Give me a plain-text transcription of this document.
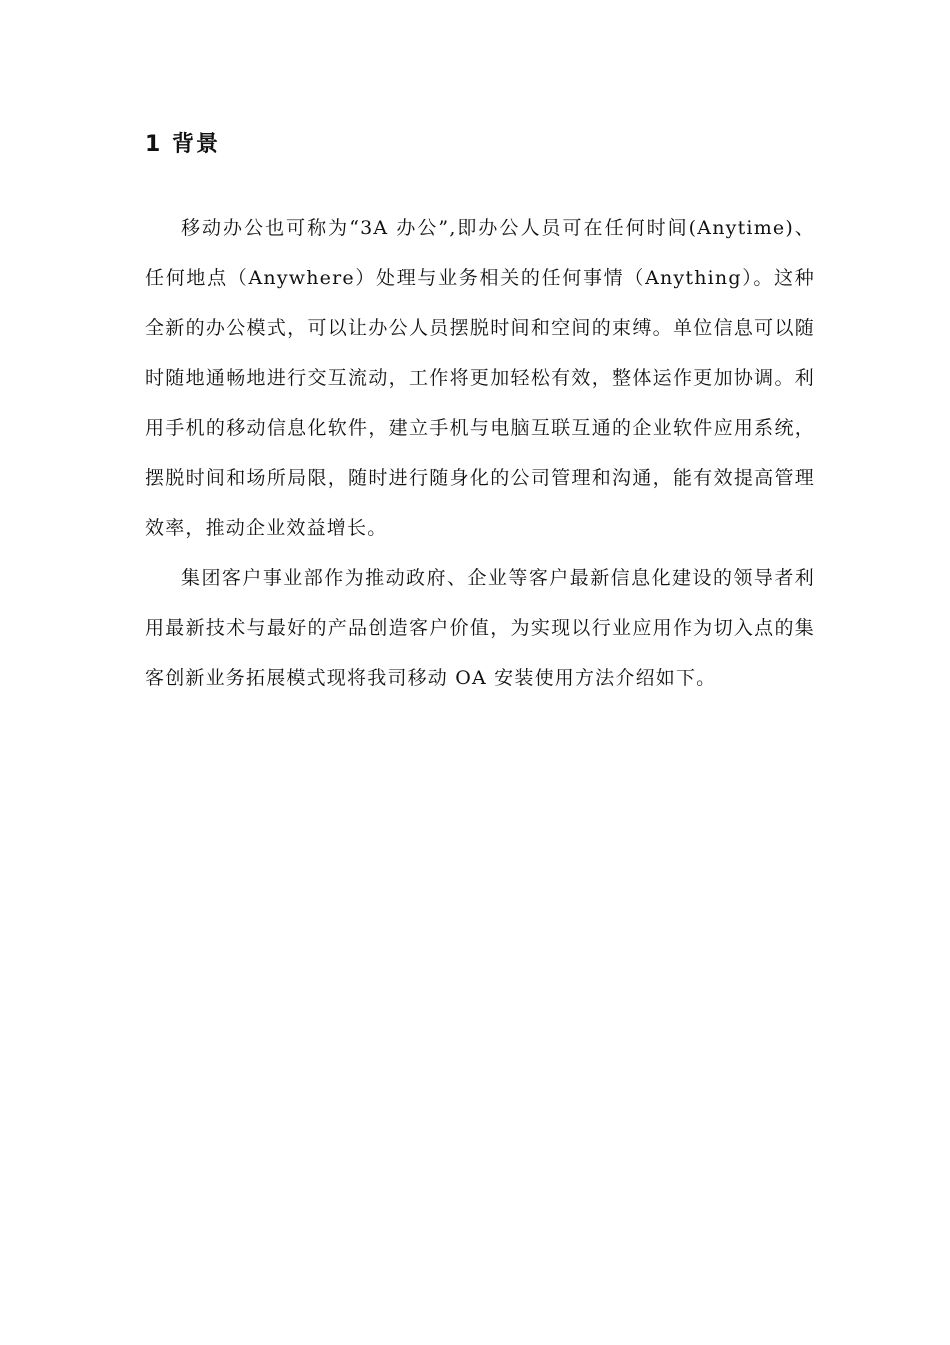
1 背景

移动办公也可称为“3A 办公”,即办公人员可在任何时间(Anytime)、任何地点（Anywhere）处理与业务相关的任何事情（Anything）。这种全新的办公模式，可以让办公人员摆脱时间和空间的束缚。单位信息可以随时随地通畅地进行交互流动，工作将更加轻松有效，整体运作更加协调。利用手机的移动信息化软件，建立手机与电脑互联互通的企业软件应用系统，摆脱时间和场所局限，随时进行随身化的公司管理和沟通，能有效提高管理效率，推动企业效益增长。

集团客户事业部作为推动政府、企业等客户最新信息化建设的领导者利用最新技术与最好的产品创造客户价值，为实现以行业应用作为切入点的集客创新业务拓展模式现将我司移动 OA 安装使用方法介绍如下。
